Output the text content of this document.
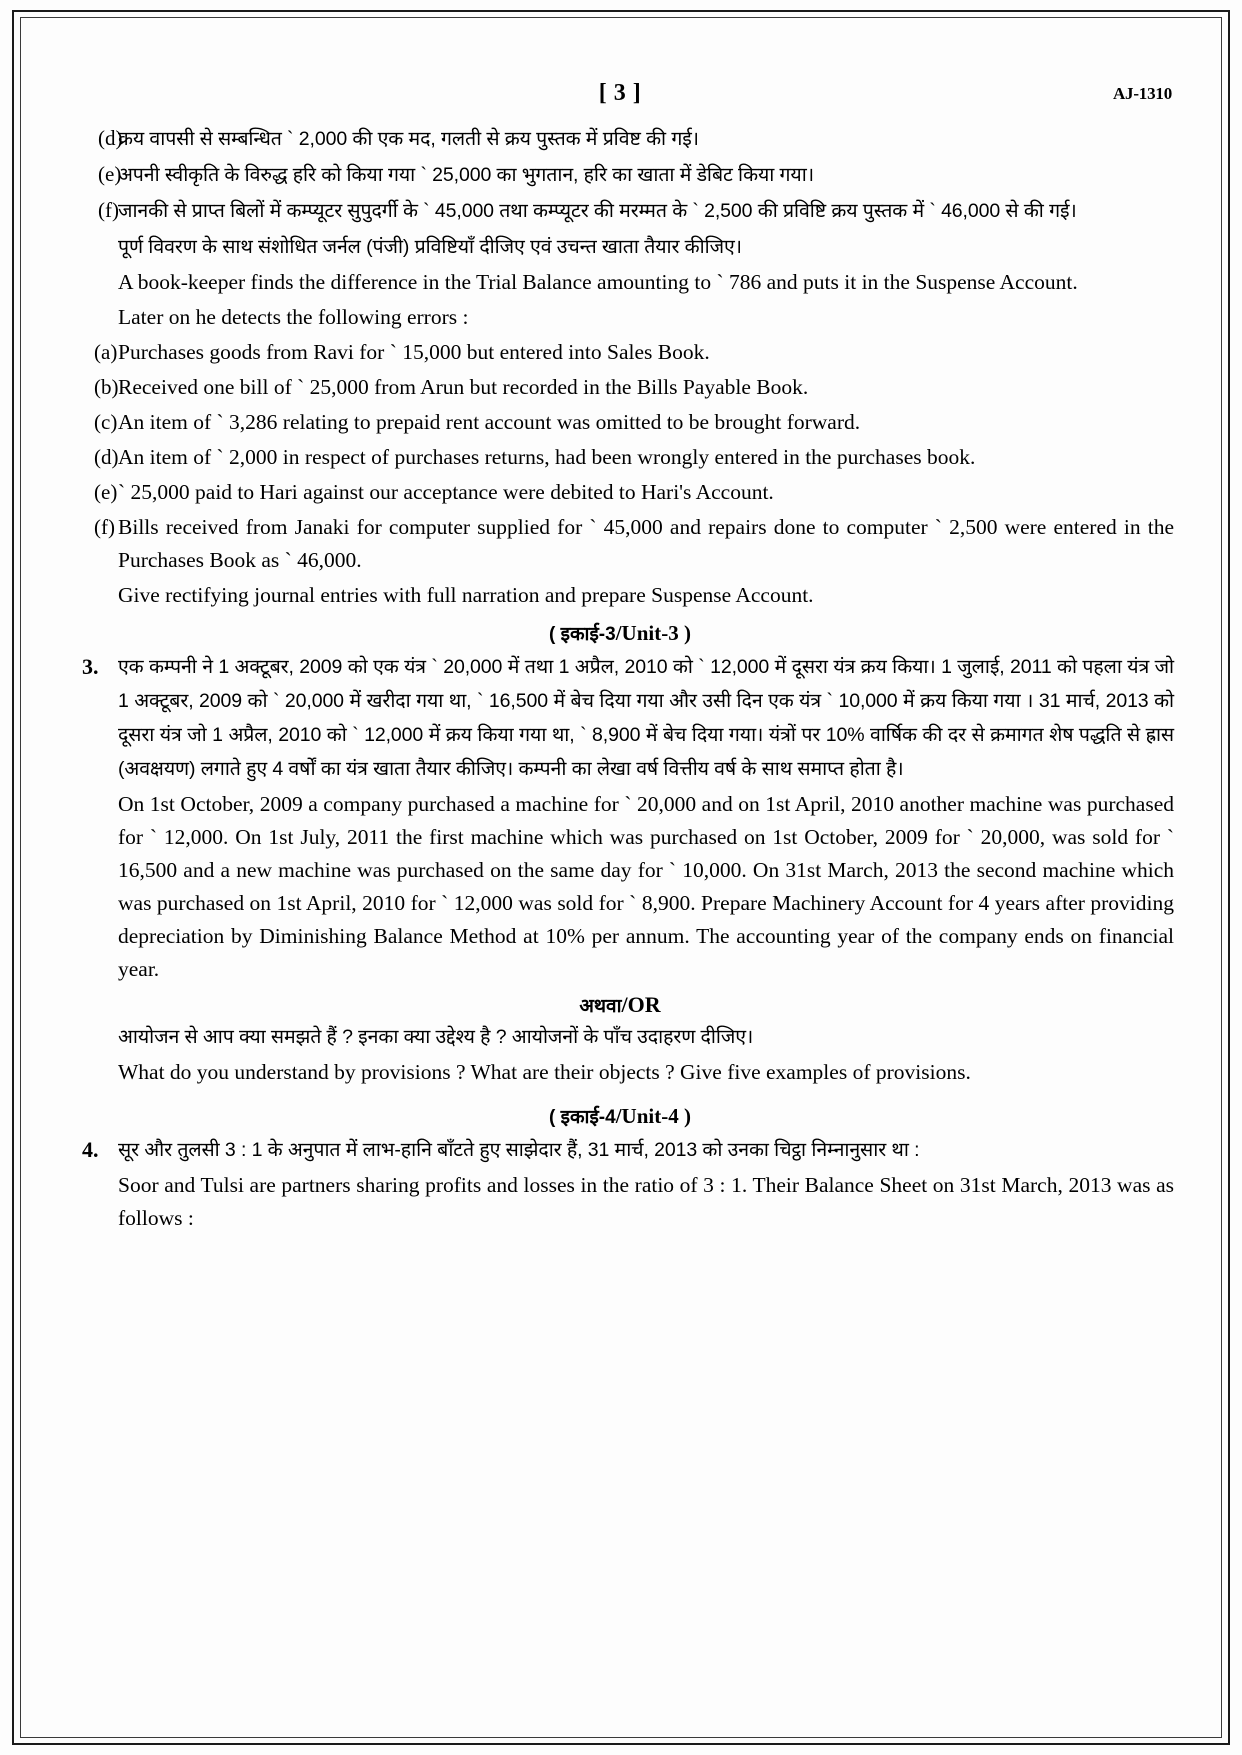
[ 3 ]	AJ-1310
(d)
क्रय वापसी से सम्बन्धित ` 2,000 की एक मद, गलती से क्रय पुस्तक में प्रविष्ट की गई।
(e)
अपनी स्वीकृति के विरुद्ध हरि को किया गया ` 25,000 का भुगतान, हरि का खाता में डेबिट किया गया।
(f) जानकी से प्राप्त बिलों में कम्प्यूटर सुपुदर्गी के ` 45,000 तथा कम्प्यूटर की मरम्मत के ` 2,500 की प्रविष्टि क्रय पुस्तक में ` 46,000 से की गई।
पूर्ण विवरण के साथ संशोधित जर्नल (पंजी) प्रविष्टियाँ दीजिए एवं उचन्त खाता तैयार कीजिए।
A book-keeper finds the difference in the Trial Balance amounting to ` 786 and puts it in the Suspense Account.
Later on he detects the following errors :
(a) Purchases goods from Ravi for ` 15,000 but entered into Sales Book.
(b) Received one bill of ` 25,000 from Arun but recorded in the Bills Payable Book.
(c) An item of ` 3,286 relating to prepaid rent account was omitted to be brought forward.
(d) An item of ` 2,000 in respect of purchases returns, had been wrongly entered in the purchases book.
(e) ` 25,000 paid to Hari against our acceptance were debited to Hari's Account.
(f) Bills received from Janaki for computer supplied for ` 45,000 and repairs done to computer ` 2,500 were entered in the Purchases Book as ` 46,000.
Give rectifying journal entries with full narration and prepare Suspense Account.
( इकाई-3/Unit-3 )
3.	एक कम्पनी ने 1 अक्टूबर, 2009 को एक यंत्र ` 20,000 में तथा 1 अप्रैल, 2010 को ` 12,000 में दूसरा यंत्र क्रय किया। 1 जुलाई, 2011 को पहला यंत्र जो 1 अक्टूबर, 2009 को ` 20,000 में खरीदा गया था, ` 16,500 में बेच दिया गया और उसी दिन एक यंत्र ` 10,000 में क्रय किया गया । 31 मार्च, 2013 को दूसरा यंत्र जो 1 अप्रैल, 2010 को ` 12,000 में क्रय किया गया था, ` 8,900 में बेच दिया गया। यंत्रों पर 10% वार्षिक की दर से क्रमागत शेष पद्धति से ह्रास (अवक्षयण) लगाते हुए 4 वर्षों का यंत्र खाता तैयार कीजिए। कम्पनी का लेखा वर्ष वित्तीय वर्ष के साथ समाप्त होता है।
On 1st October, 2009 a company purchased a machine for ` 20,000 and on 1st April, 2010 another machine was purchased for ` 12,000. On 1st July, 2011 the first machine which was purchased on 1st October, 2009 for ` 20,000, was sold for ` 16,500 and a new machine was purchased on the same day for ` 10,000. On 31st March, 2013 the second machine which was purchased on 1st April, 2010 for ` 12,000 was sold for ` 8,900. Prepare Machinery Account for 4 years after providing depreciation by Diminishing Balance Method at 10% per annum. The accounting year of the company ends on financial year.
अथवा/OR
आयोजन से आप क्या समझते हैं ? इनका क्या उद्देश्य है ? आयोजनों के पाँच उदाहरण दीजिए।
What do you understand by provisions ? What are their objects ? Give five examples of provisions.
( इकाई-4/Unit-4 )
4.	सूर और तुलसी 3 : 1 के अनुपात में लाभ-हानि बाँटते हुए साझेदार हैं, 31 मार्च, 2013 को उनका चिट्ठा निम्नानुसार था :
Soor and Tulsi are partners sharing profits and losses in the ratio of 3 : 1. Their Balance Sheet on 31st March, 2013 was as follows :
